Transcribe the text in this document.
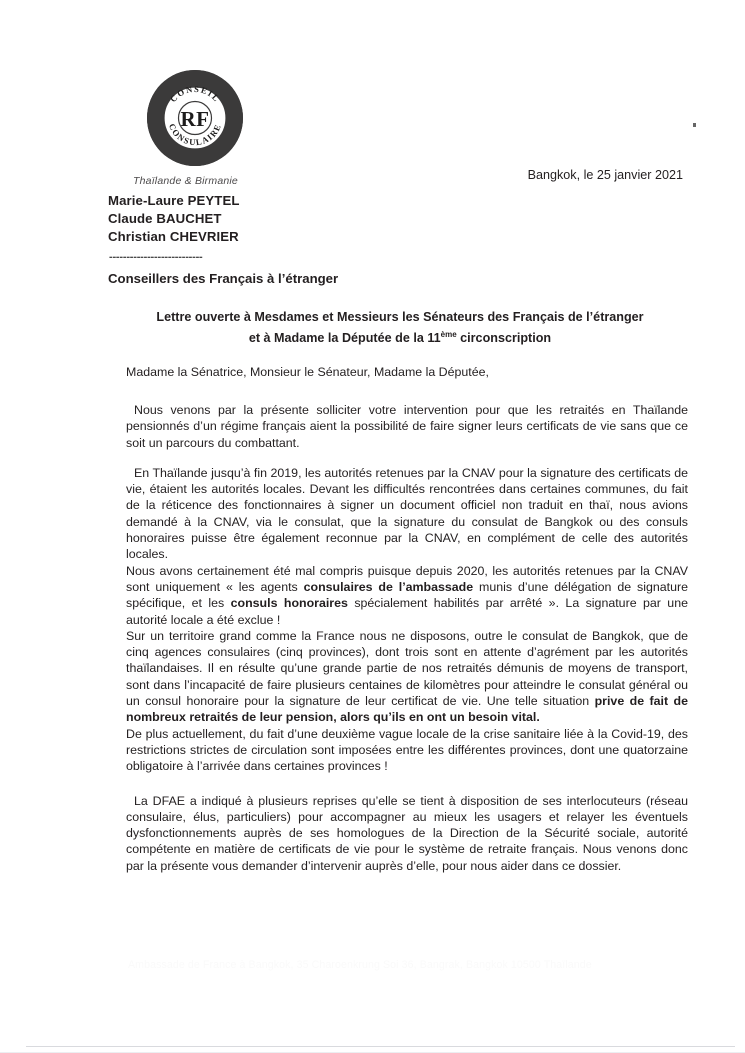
CONSEIL
CONSULAIRE
RF
Thaïlande & Birmanie
Marie-Laure PEYTEL
Claude BAUCHET
Christian CHEVRIER
---------------------------
Conseillers des Français à l’étranger
Bangkok, le 25 janvier 2021
Lettre ouverte à Mesdames et Messieurs les Sénateurs des Français de l’étranger
et à Madame la Députée de la 11ème circonscription
Madame la Sénatrice, Monsieur le Sénateur, Madame la Députée,

Nous venons par la présente solliciter votre intervention pour que les retraités en Thaïlande pensionnés d’un régime français aient la possibilité de faire signer leurs certificats de vie sans que ce soit un parcours du combattant.

En Thaïlande jusqu’à fin 2019, les autorités retenues par la CNAV pour la signature des certificats de vie, étaient les autorités locales. Devant les difficultés rencontrées dans certaines communes, du fait de la réticence des fonctionnaires à signer un document officiel non traduit en thaï, nous avions demandé à la CNAV, via le consulat, que la signature du consulat de Bangkok ou des consuls honoraires puisse être également reconnue par la CNAV, en complément de celle des autorités locales.

Nous avons certainement été mal compris puisque depuis 2020, les autorités retenues par la CNAV sont uniquement « les agents consulaires de l’ambassade munis d’une délégation de signature spécifique, et les consuls honoraires spécialement habilités par arrêté ». La signature par une autorité locale a été exclue !

Sur un territoire grand comme la France nous ne disposons, outre le consulat de Bangkok, que de cinq agences consulaires (cinq provinces), dont trois sont en attente d’agrément par les autorités thaïlandaises. Il en résulte qu’une grande partie de nos retraités démunis de moyens de transport, sont dans l’incapacité de faire plusieurs centaines de kilomètres pour atteindre le consulat général ou un consul honoraire pour la signature de leur certificat de vie. Une telle situation prive de fait de nombreux retraités de leur pension, alors qu’ils en ont un besoin vital.

De plus actuellement, du fait d’une deuxième vague locale de la crise sanitaire liée à la Covid-19, des restrictions strictes de circulation sont imposées entre les différentes provinces, dont une quatorzaine obligatoire à l’arrivée dans certaines provinces !

La DFAE a indiqué à plusieurs reprises qu’elle se tient à disposition de ses interlocuteurs (réseau consulaire, élus, particuliers) pour accompagner au mieux les usagers et relayer les éventuels dysfonctionnements auprès de ses homologues de la Direction de la Sécurité sociale, autorité compétente en matière de certificats de vie pour le système de retraite français. Nous venons donc par la présente vous demander d’intervenir auprès d’elle, pour nous aider dans ce dossier.

Ambassade de France à Bangkok, 35 Charoenkrung Soi 36, Bangrak, Bangkok 10500 Thaïlande
